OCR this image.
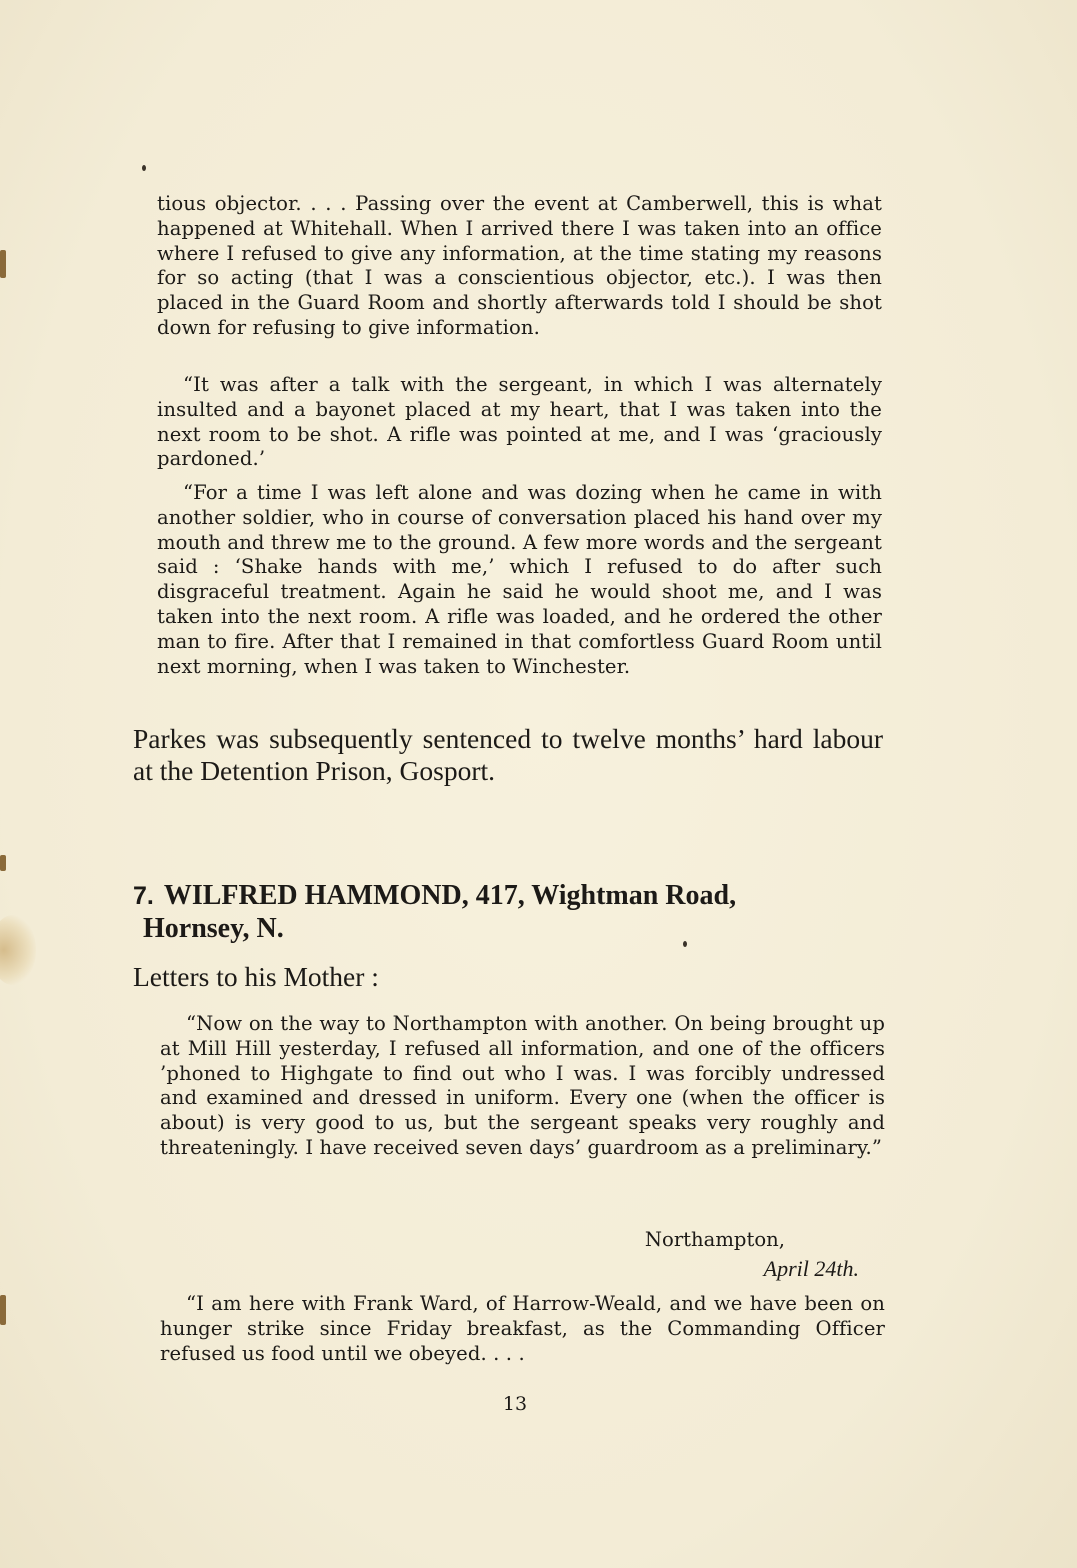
tious objector. . . . Passing over the event at Camberwell, this is what happened at Whitehall. When I arrived there I was taken into an office where I refused to give any information, at the time stating my reasons for so acting (that I was a conscientious objector, etc.). I was then placed in the Guard Room and shortly afterwards told I should be shot down for refusing to give information.

“It was after a talk with the sergeant, in which I was alternately insulted and a bayonet placed at my heart, that I was taken into the next room to be shot. A rifle was pointed at me, and I was ‘graciously pardoned.’

“For a time I was left alone and was dozing when he came in with another soldier, who in course of conversation placed his hand over my mouth and threw me to the ground. A few more words and the sergeant said : ‘Shake hands with me,’ which I refused to do after such disgraceful treatment. Again he said he would shoot me, and I was taken into the next room. A rifle was loaded, and he ordered the other man to fire. After that I remained in that comfortless Guard Room until next morning, when I was taken to Winchester.

Parkes was subsequently sentenced to twelve months’ hard labour at the Detention Prison, Gosport.

7. WILFRED HAMMOND, 417, Wightman Road,
Hornsey, N.

Letters to his Mother :

“Now on the way to Northampton with another. On being brought up at Mill Hill yesterday, I refused all information, and one of the officers ’phoned to Highgate to find out who I was. I was forcibly undressed and examined and dressed in uniform. Every one (when the officer is about) is very good to us, but the sergeant speaks very roughly and threateningly. I have received seven days’ guardroom as a preliminary.”

Northampton,

April 24th.

“I am here with Frank Ward, of Harrow-Weald, and we have been on hunger strike since Friday breakfast, as the Commanding Officer refused us food until we obeyed. . . .

13
